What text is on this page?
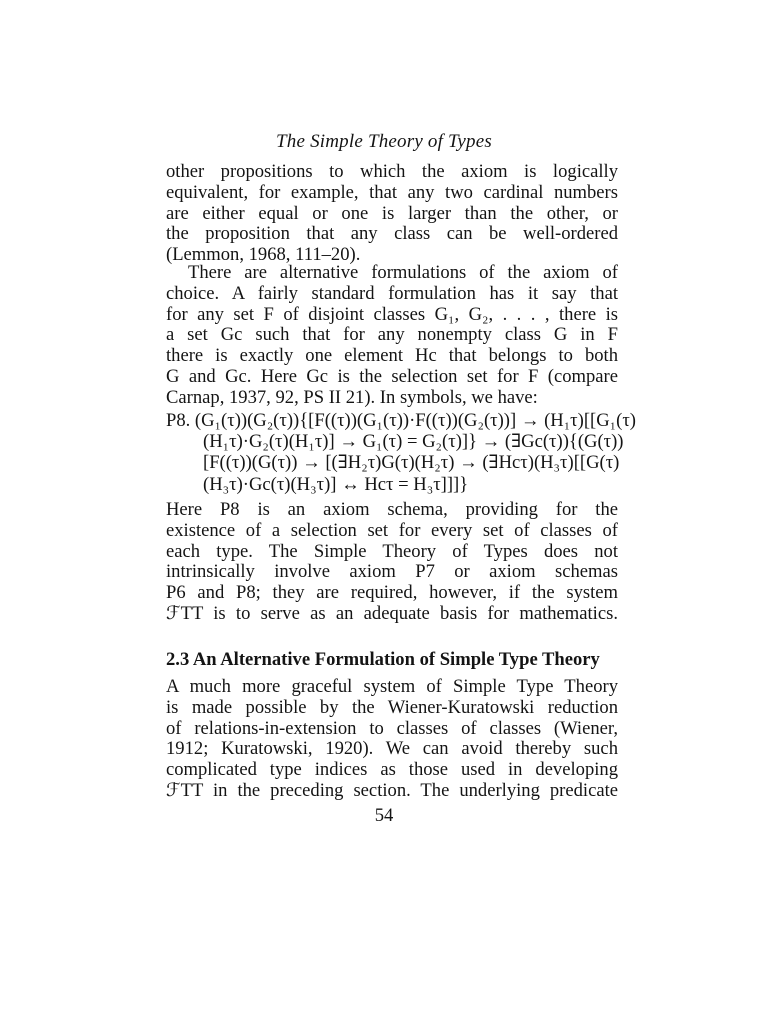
The Simple Theory of Types
other propositions to which the axiom is logically
equivalent, for example, that any two cardinal numbers
are either equal or one is larger than the other, or
the proposition that any class can be well-ordered
(Lemmon, 1968, 111–20).
There are alternative formulations of the axiom of
choice. A fairly standard formulation has it say that
for any set F of disjoint classes G₁, G₂, . . . , there is
a set Gc such that for any nonempty class G in F
there is exactly one element Hc that belongs to both
G and Gc. Here Gc is the selection set for F (compare
Carnap, 1937, 92, PS II 21). In symbols, we have:
P8. (G₁(τ))(G₂(τ)){[F((τ))(G₁(τ))·F((τ))(G₂(τ))] → (H₁τ)[[G₁(τ)
(H₁τ)·G₂(τ)(H₁τ)] → G₁(τ) = G₂(τ)]} → (∃Gc(τ)){(G(τ))
[F((τ))(G(τ)) → [(∃H₂τ)G(τ)(H₂τ) → (∃Hcτ)(H₃τ)[[G(τ)
(H₃τ)·Gc(τ)(H₃τ)] ↔ Hcτ = H₃τ]]]}
Here P8 is an axiom schema, providing for the
existence of a selection set for every set of classes of
each type. The Simple Theory of Types does not
intrinsically involve axiom P7 or axiom schemas
P6 and P8; they are required, however, if the system
ℱTT is to serve as an adequate basis for mathematics.
2.3 An Alternative Formulation of Simple Type Theory
A much more graceful system of Simple Type Theory
is made possible by the Wiener-Kuratowski reduction
of relations-in-extension to classes of classes (Wiener,
1912; Kuratowski, 1920). We can avoid thereby such
complicated type indices as those used in developing
ℱTT in the preceding section. The underlying predicate
54
